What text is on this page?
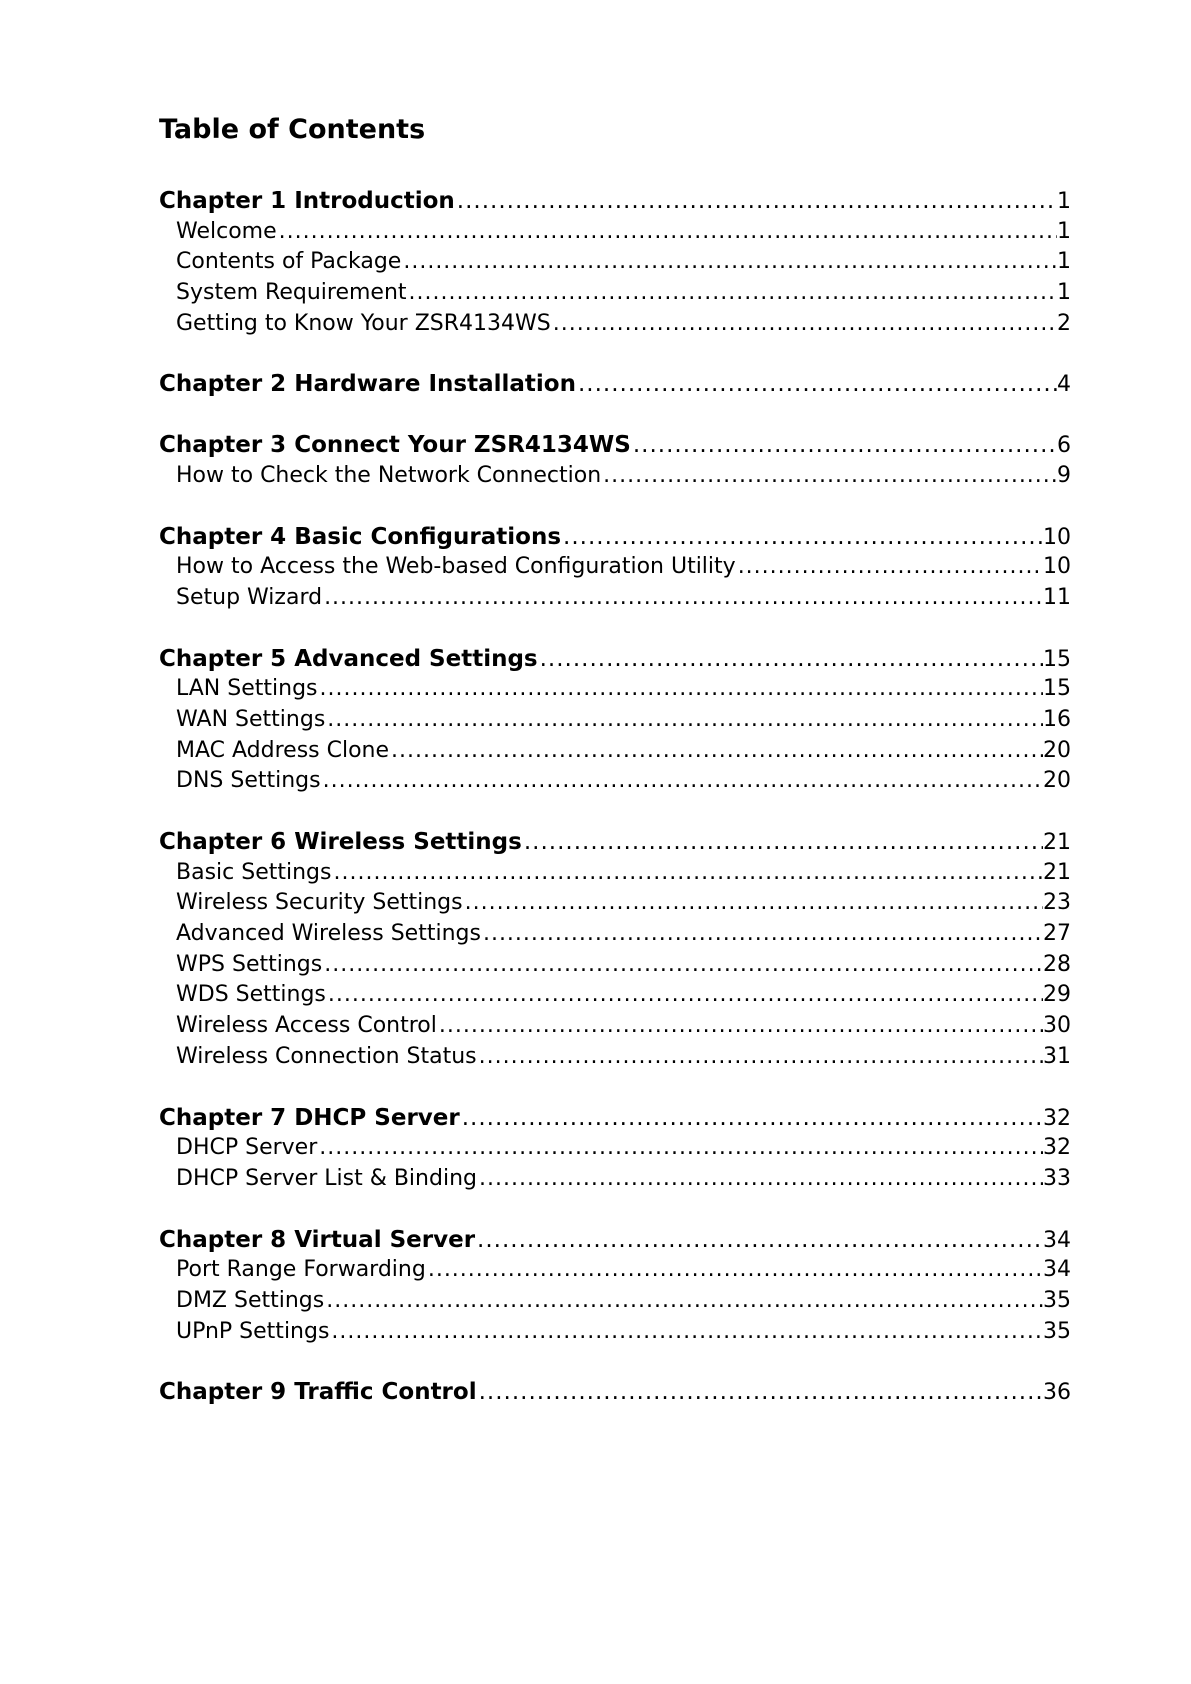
Table of Contents
Chapter 1 Introduction .....	1
Welcome .....	1
Contents of Package .....	1
System Requirement .....	1
Getting to Know Your ZSR4134WS .....	2
Chapter 2 Hardware Installation .....	4
Chapter 3 Connect Your ZSR4134WS .....	6
How to Check the Network Connection .....	9
Chapter 4 Basic Configurations .....	10
How to Access the Web-based Configuration Utility .....	10
Setup Wizard .....	11
Chapter 5 Advanced Settings .....	15
LAN Settings .....	15
WAN Settings .....	16
MAC Address Clone .....	20
DNS Settings .....	20
Chapter 6 Wireless Settings .....	21
Basic Settings .....	21
Wireless Security Settings .....	23
Advanced Wireless Settings .....	27
WPS Settings .....	28
WDS Settings .....	29
Wireless Access Control .....	30
Wireless Connection Status .....	31
Chapter 7 DHCP Server .....	32
DHCP Server .....	32
DHCP Server List & Binding .....	33
Chapter 8 Virtual Server .....	34
Port Range Forwarding .....	34
DMZ Settings .....	35
UPnP Settings .....	35
Chapter 9 Traffic Control .....	36
